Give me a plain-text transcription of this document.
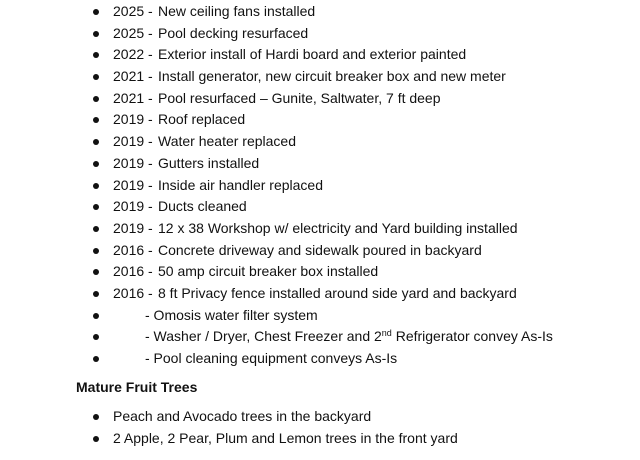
2025 - New ceiling fans installed
2025 - Pool decking resurfaced
2022 - Exterior install of Hardi board and exterior painted
2021 - Install generator, new circuit breaker box and new meter
2021 - Pool resurfaced – Gunite, Saltwater, 7 ft deep
2019 - Roof replaced
2019 - Water heater replaced
2019 - Gutters installed
2019 - Inside air handler replaced
2019 - Ducts cleaned
2019 - 12 x 38 Workshop w/ electricity and Yard building installed
2016 - Concrete driveway and sidewalk poured in backyard
2016 - 50 amp circuit breaker box installed
2016 - 8 ft Privacy fence installed around side yard and backyard
- Omosis water filter system
- Washer / Dryer, Chest Freezer and 2nd Refrigerator convey As-Is
- Pool cleaning equipment conveys As-Is
Mature Fruit Trees
Peach and Avocado trees in the backyard
2 Apple, 2 Pear, Plum and Lemon trees in the front yard
